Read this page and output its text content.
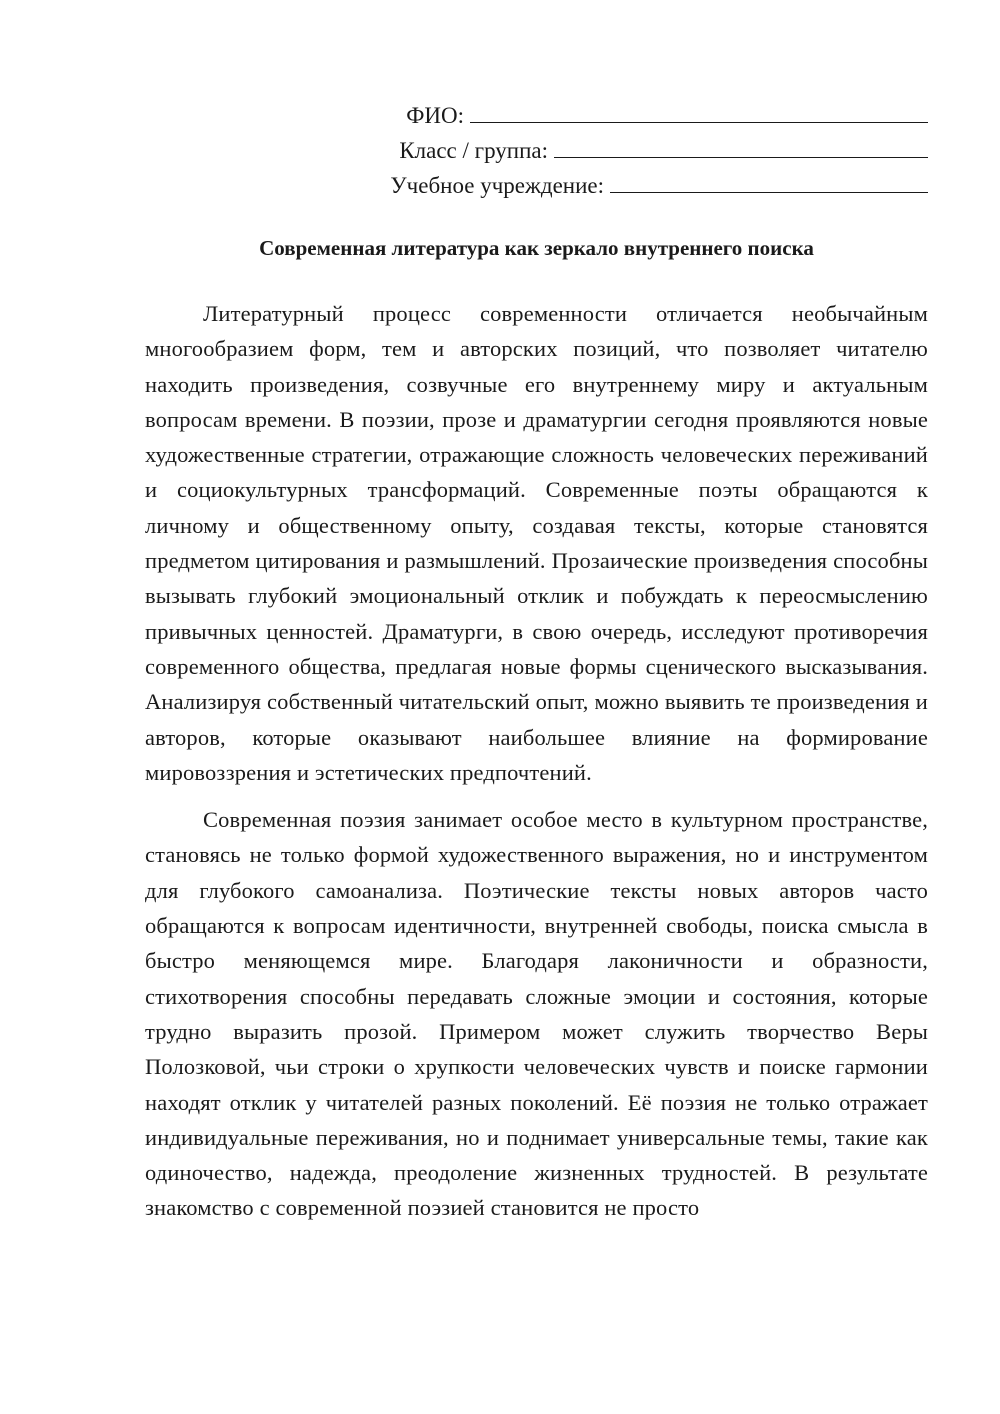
ФИО:
Класс / группа:
Учебное учреждение:
Современная литература как зеркало внутреннего поиска

Литературный процесс современности отличается необычайным многообразием форм, тем и авторских позиций, что позволяет читателю находить произведения, созвучные его внутреннему миру и актуальным вопросам времени. В поэзии, прозе и драматургии сегодня проявляются новые художественные стратегии, отражающие сложность человеческих переживаний и социокультурных трансформаций. Современные поэты обращаются к личному и общественному опыту, создавая тексты, которые становятся предметом цитирования и размышлений. Прозаические произведения способны вызывать глубокий эмоциональный отклик и побуждать к переосмыслению привычных ценностей. Драматурги, в свою очередь, исследуют противоречия современного общества, предлагая новые формы сценического высказывания. Анализируя собственный читательский опыт, можно выявить те произведения и авторов, которые оказывают наибольшее влияние на формирование мировоззрения и эстетических предпочтений.

Современная поэзия занимает особое место в культурном пространстве, становясь не только формой художественного выражения, но и инструментом для глубокого самоанализа. Поэтические тексты новых авторов часто обращаются к вопросам идентичности, внутренней свободы, поиска смысла в быстро меняющемся мире. Благодаря лаконичности и образности, стихотворения способны передавать сложные эмоции и состояния, которые трудно выразить прозой. Примером может служить творчество Веры Полозковой, чьи строки о хрупкости человеческих чувств и поиске гармонии находят отклик у читателей разных поколений. Её поэзия не только отражает индивидуальные переживания, но и поднимает универсальные темы, такие как одиночество, надежда, преодоление жизненных трудностей. В результате знакомство с современной поэзией становится не просто
